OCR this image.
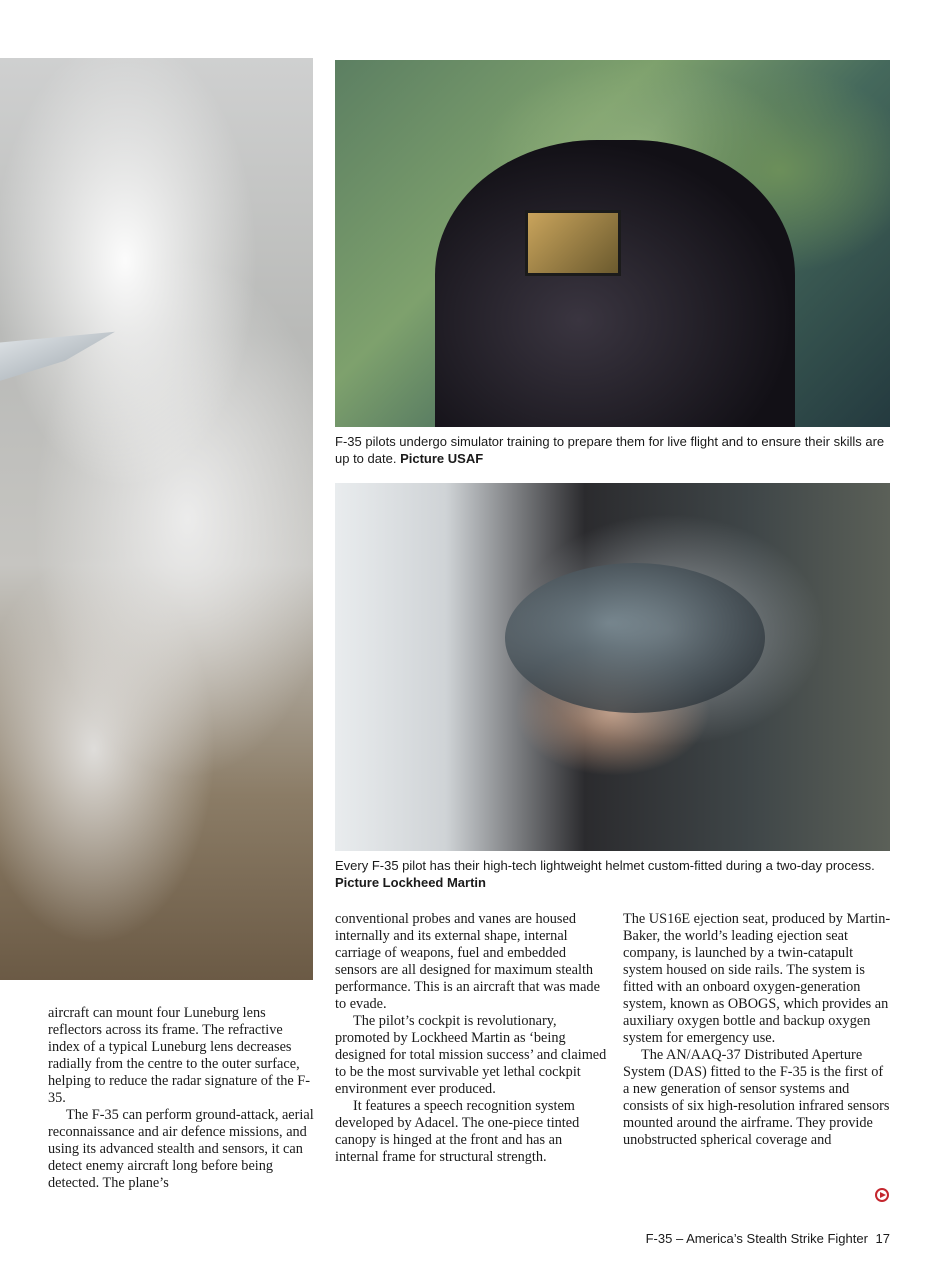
F-35 pilots undergo simulator training to prepare them for live flight and to ensure their skills are up to date. Picture USAF

Every F-35 pilot has their high-tech lightweight helmet custom-fitted during a two-day process. Picture Lockheed Martin

aircraft can mount four Luneburg lens reflectors across its frame. The refractive index of a typical Luneburg lens decreases radially from the centre to the outer surface, helping to reduce the radar signature of the F-35.

The F-35 can perform ground-attack, aerial reconnaissance and air defence missions, and using its advanced stealth and sensors, it can detect enemy aircraft long before being detected. The plane’s

conventional probes and vanes are housed internally and its external shape, internal carriage of weapons, fuel and embedded sensors are all designed for maximum stealth performance. This is an aircraft that was made to evade.

The pilot’s cockpit is revolutionary, promoted by Lockheed Martin as ‘being designed for total mission success’ and claimed to be the most survivable yet lethal cockpit environment ever produced.

It features a speech recognition system developed by Adacel. The one-piece tinted canopy is hinged at the front and has an internal frame for structural strength.

The US16E ejection seat, produced by Martin-Baker, the world’s leading ejection seat company, is launched by a twin-catapult system housed on side rails. The system is fitted with an onboard oxygen-generation system, known as OBOGS, which provides an auxiliary oxygen bottle and backup oxygen system for emergency use.

The AN/AAQ-37 Distributed Aperture System (DAS) fitted to the F-35 is the first of a new generation of sensor systems and consists of six high-resolution infrared sensors mounted around the airframe. They provide unobstructed spherical coverage and

F-35 – America’s Stealth Strike Fighter 17
